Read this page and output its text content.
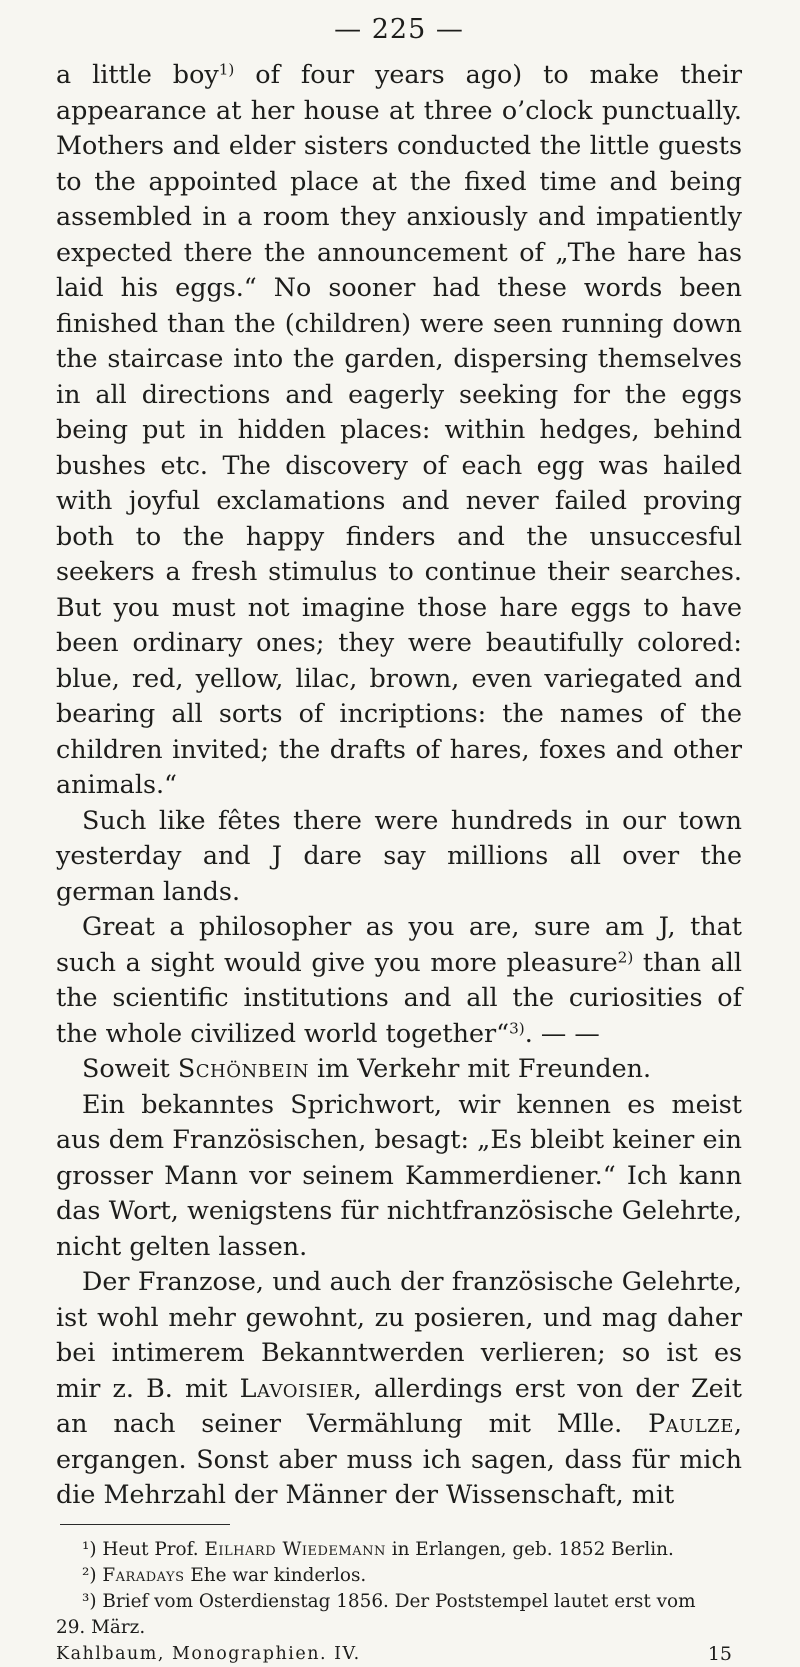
— 225 —

a little boy$^{1)}$ of four years ago) to make their appearance at her house at three o’clock punctually. Mothers and elder sisters conducted the little guests to the appointed place at the fixed time and being assembled in a room they anxiously and impatiently expected there the announcement of „The hare has laid his eggs.“ No sooner had these words been finished than the (children) were seen running down the staircase into the garden, dispersing themselves in all directions and eagerly seeking for the eggs being put in hidden places: within hedges, behind bushes etc. The discovery of each egg was hailed with joyful exclamations and never failed proving both to the happy finders and the unsuccesful seekers a fresh stimulus to continue their searches. But you must not imagine those hare eggs to have been ordinary ones; they were beautifully colored: blue, red, yellow, lilac, brown, even variegated and bearing all sorts of incriptions: the names of the children invited; the drafts of hares, foxes and other animals.“

Such like fêtes there were hundreds in our town yesterday and J dare say millions all over the german lands.

Great a philosopher as you are, sure am J, that such a sight would give you more pleasure$^{2)}$ than all the scientific institutions and all the curiosities of the whole civilized world together“$^{3)}$. — —

Soweit Schönbein im Verkehr mit Freunden.

Ein bekanntes Sprichwort, wir kennen es meist aus dem Französischen, besagt: „Es bleibt keiner ein grosser Mann vor seinem Kammerdiener.“ Ich kann das Wort, wenigstens für nichtfranzösische Gelehrte, nicht gelten lassen.

Der Franzose, und auch der französische Gelehrte, ist wohl mehr gewohnt, zu posieren, und mag daher bei intimerem Bekanntwerden verlieren; so ist es mir z. B. mit Lavoisier, allerdings erst von der Zeit an nach seiner Vermählung mit Mlle. Paulze, ergangen. Sonst aber muss ich sagen, dass für mich die Mehrzahl der Männer der Wissenschaft, mit

¹) Heut Prof. Eilhard Wiedemann in Erlangen, geb. 1852 Berlin.

²) Faradays Ehe war kinderlos.

³) Brief vom Osterdienstag 1856. Der Poststempel lautet erst vom

29. März.

Kahlbaum, Monographien. IV.	15
